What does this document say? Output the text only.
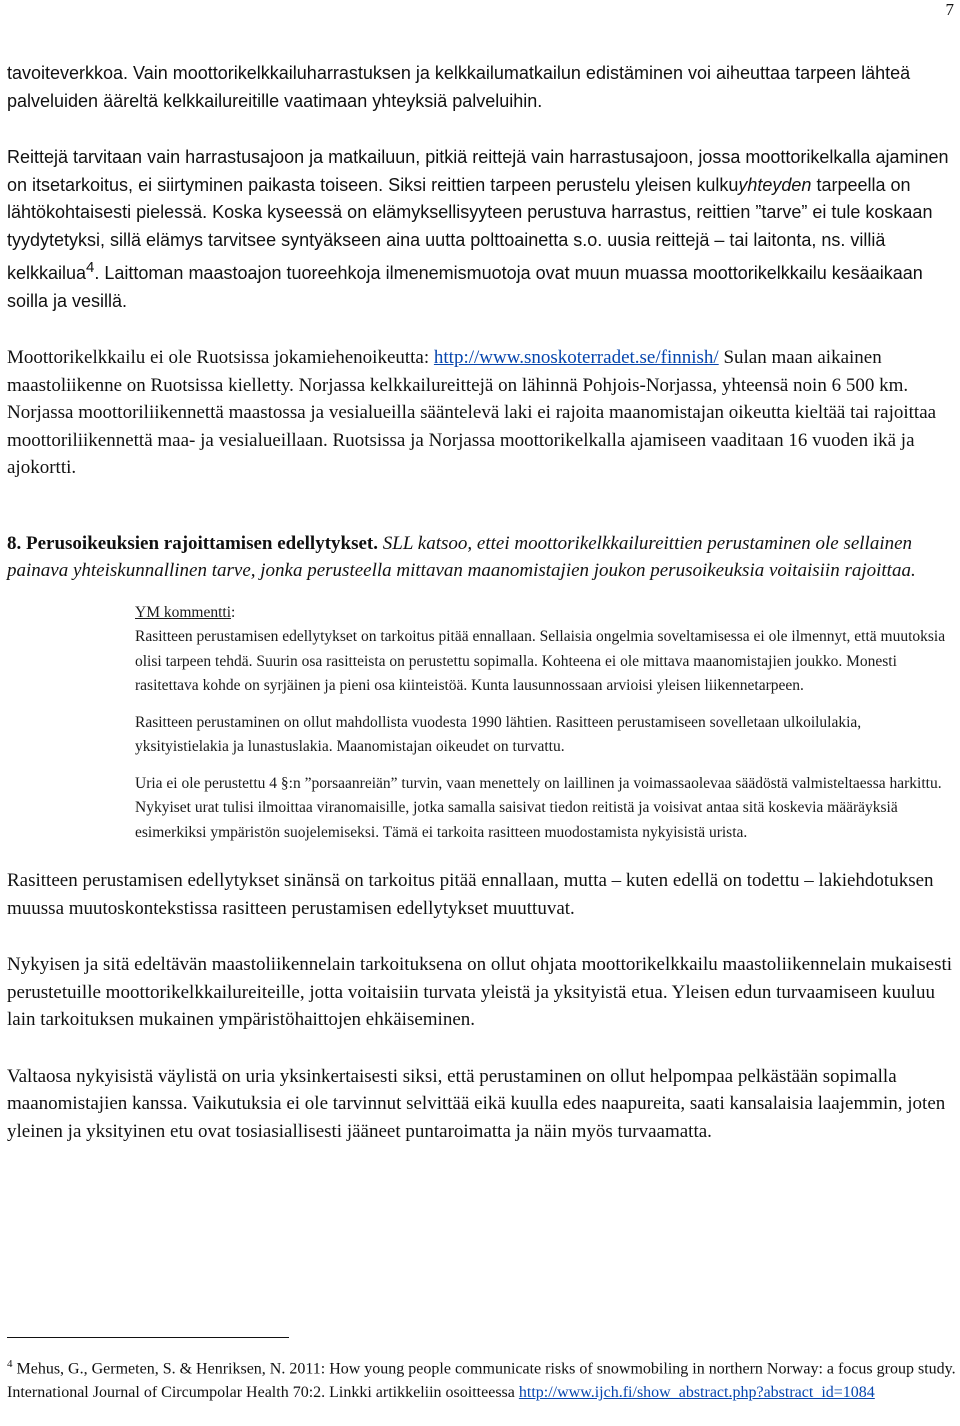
7

tavoiteverkkoa. Vain moottorikelkkailuharrastuksen ja kelkkailumatkailun edistäminen voi aiheuttaa tarpeen lähteä palveluiden ääreltä kelkkailureitille vaatimaan yhteyksiä palveluihin.

Reittejä tarvitaan vain harrastusajoon ja matkailuun, pitkiä reittejä vain harrastusajoon, jossa moottorikelkalla ajaminen on itsetarkoitus, ei siirtyminen paikasta toiseen. Siksi reittien tarpeen perustelu yleisen kulkuyhteyden tarpeella on lähtökohtaisesti pielessä. Koska kyseessä on elämyksellisyyteen perustuva harrastus, reittien ”tarve” ei tule koskaan tyydytetyksi, sillä elämys tarvitsee syntyäkseen aina uutta polttoainetta s.o. uusia reittejä – tai laitonta, ns. villiä kelkkailua$^4$. Laittoman maastoajon tuoreehkoja ilmenemismuotoja ovat muun muassa moottorikelkkailu kesäaikaan soilla ja vesillä.

Moottorikelkkailu ei ole Ruotsissa jokamiehenoikeutta: http://www.snoskoterradet.se/finnish/ Sulan maan aikainen maastoliikenne on Ruotsissa kielletty. Norjassa kelkkailureittejä on lähinnä Pohjois-Norjassa, yhteensä noin 6 500 km. Norjassa moottoriliikennettä maastossa ja vesialueilla sääntelevä laki ei rajoita maanomistajan oikeutta kieltää tai rajoittaa moottoriliikennettä maa- ja vesialueillaan. Ruotsissa ja Norjassa moottorikelkalla ajamiseen vaaditaan 16 vuoden ikä ja ajokortti.

8. Perusoikeuksien rajoittamisen edellytykset. SLL katsoo, ettei moottorikelkkailureittien perustaminen ole sellainen painava yhteiskunnallinen tarve, jonka perusteella mittavan maanomistajien joukon perusoikeuksia voitaisiin rajoittaa.

YM kommentti:
Rasitteen perustamisen edellytykset on tarkoitus pitää ennallaan. Sellaisia ongelmia soveltamisessa ei ole ilmennyt, että muutoksia olisi tarpeen tehdä. Suurin osa rasitteista on perustettu sopimalla. Kohteena ei ole mittava maanomistajien joukko. Monesti rasitettava kohde on syrjäinen ja pieni osa kiinteistöä. Kunta lausunnossaan arvioisi yleisen liikennetarpeen.
Rasitteen perustaminen on ollut mahdollista vuodesta 1990 lähtien. Rasitteen perustamiseen sovelletaan ulkoilulakia, yksityistielakia ja lunastuslakia. Maanomistajan oikeudet on turvattu.
Uria ei ole perustettu 4 §:n ”porsaanreiän” turvin, vaan menettely on laillinen ja voimassaolevaa säädöstä valmisteltaessa harkittu. Nykyiset urat tulisi ilmoittaa viranomaisille, jotka samalla saisivat tiedon reitistä ja voisivat antaa sitä koskevia määräyksiä esimerkiksi ympäristön suojelemiseksi. Tämä ei tarkoita rasitteen muodostamista nykyisistä urista.

Rasitteen perustamisen edellytykset sinänsä on tarkoitus pitää ennallaan, mutta – kuten edellä on todettu – lakiehdotuksen muussa muutoskontekstissa rasitteen perustamisen edellytykset muuttuvat.

Nykyisen ja sitä edeltävän maastoliikennelain tarkoituksena on ollut ohjata moottorikelkkailu maastoliikennelain mukaisesti perustetuille moottorikelkkailureiteille, jotta voitaisiin turvata yleistä ja yksityistä etua. Yleisen edun turvaamiseen kuuluu lain tarkoituksen mukainen ympäristöhaittojen ehkäiseminen.

Valtaosa nykyisistä väylistä on uria yksinkertaisesti siksi, että perustaminen on ollut helpompaa pelkästään sopimalla maanomistajien kanssa. Vaikutuksia ei ole tarvinnut selvittää eikä kuulla edes naapureita, saati kansalaisia laajemmin, joten yleinen ja yksityinen etu ovat tosiasiallisesti jääneet puntaroimatta ja näin myös turvaamatta.

$^4$ Mehus, G., Germeten, S. & Henriksen, N. 2011: How young people communicate risks of snowmobiling in northern Norway: a focus group study. International Journal of Circumpolar Health 70:2. Linkki artikkeliin osoitteessa http://www.ijch.fi/show_abstract.php?abstract_id=1084
